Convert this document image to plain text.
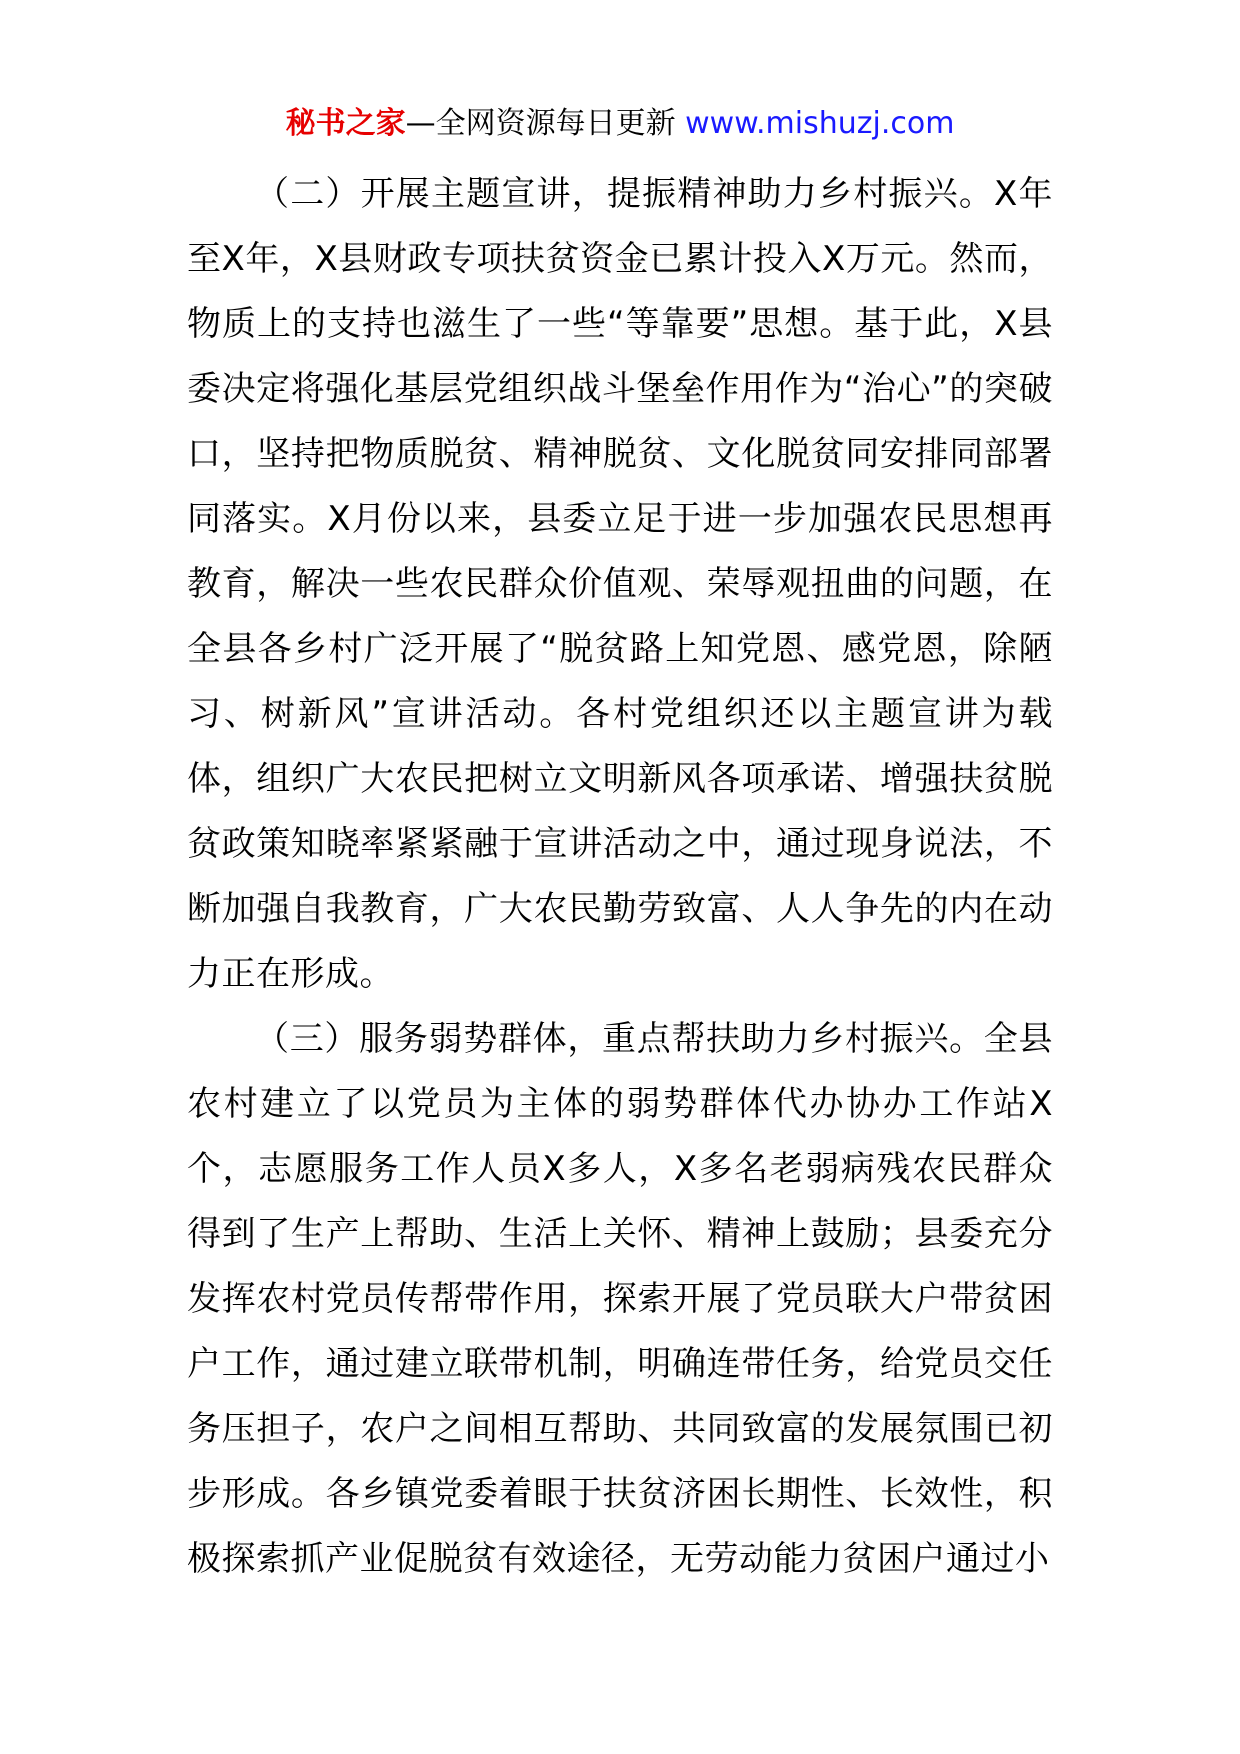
秘书之家—全网资源每日更新 www.mishuzj.com

（二）开展主题宣讲，提振精神助力乡村振兴。X年至X年，X县财政专项扶贫资金已累计投入X万元。然而，物质上的支持也滋生了一些“等靠要”思想。基于此，X县委决定将强化基层党组织战斗堡垒作用作为“治心”的突破口，坚持把物质脱贫、精神脱贫、文化脱贫同安排同部署同落实。X月份以来，县委立足于进一步加强农民思想再教育，解决一些农民群众价值观、荣辱观扭曲的问题，在全县各乡村广泛开展了“脱贫路上知党恩、感党恩，除陋习、树新风”宣讲活动。各村党组织还以主题宣讲为载体，组织广大农民把树立文明新风各项承诺、增强扶贫脱贫政策知晓率紧紧融于宣讲活动之中，通过现身说法，不断加强自我教育，广大农民勤劳致富、人人争先的内在动力正在形成。

（三）服务弱势群体，重点帮扶助力乡村振兴。全县农村建立了以党员为主体的弱势群体代办协办工作站X个，志愿服务工作人员X多人，X多名老弱病残农民群众得到了生产上帮助、生活上关怀、精神上鼓励；县委充分发挥农村党员传帮带作用，探索开展了党员联大户带贫困户工作，通过建立联带机制，明确连带任务，给党员交任务压担子，农户之间相互帮助、共同致富的发展氛围已初步形成。各乡镇党委着眼于扶贫济困长期性、长效性，积极探索抓产业促脱贫有效途径，无劳动能力贫困户通过小
